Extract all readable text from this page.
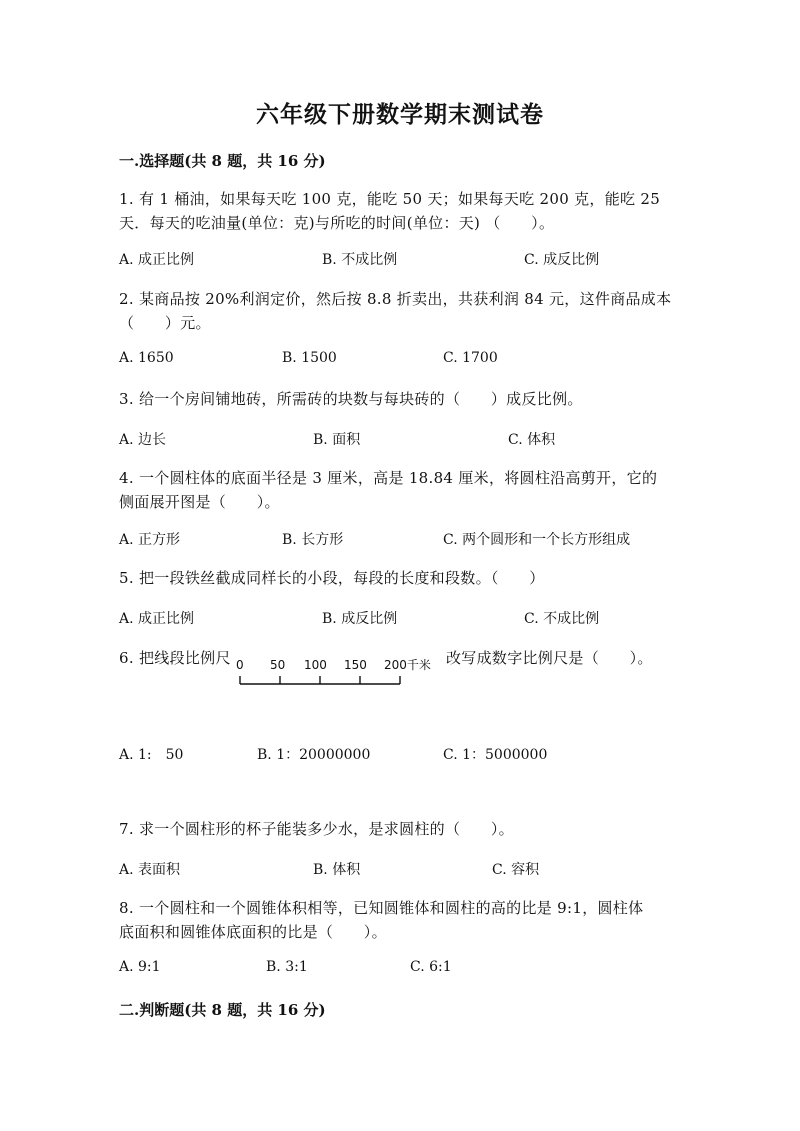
六年级下册数学期末测试卷
一.选择题(共 8 题，共 16 分)
1. 有 1 桶油，如果每天吃 100 克，能吃 50 天；如果每天吃 200 克，能吃 25
天．每天的吃油量(单位：克)与所吃的时间(单位：天) （　　）。
A. 成正比例	B. 不成比例	C. 成反比例
2. 某商品按 20%利润定价，然后按 8.8 折卖出，共获利润 84 元，这件商品成本
（　　）元。
A. 1650	B. 1500	C. 1700
3. 给一个房间铺地砖，所需砖的块数与每块砖的（　　）成反比例。
A. 边长	B. 面积	C. 体积
4. 一个圆柱体的底面半径是 3 厘米，高是 18.84 厘米，将圆柱沿高剪开，它的
侧面展开图是（　　）。
A. 正方形	B. 长方形	C. 两个圆形和一个长方形组成
5. 把一段铁丝截成同样长的小段，每段的长度和段数。（　　）
A. 成正比例	B. 成反比例	C. 不成比例
6. 把线段比例尺 0 50 100 150 200千米 改写成数字比例尺是（　　）。
A. 1:　50	B. 1：20000000	C. 1：5000000
7. 求一个圆柱形的杯子能装多少水，是求圆柱的（　　）。
A. 表面积	B. 体积	C. 容积
8. 一个圆柱和一个圆锥体积相等，已知圆锥体和圆柱的高的比是 9:1，圆柱体
底面积和圆锥体底面积的比是（　　）。
A. 9:1	B. 3:1	C. 6:1
二.判断题(共 8 题，共 16 分)
